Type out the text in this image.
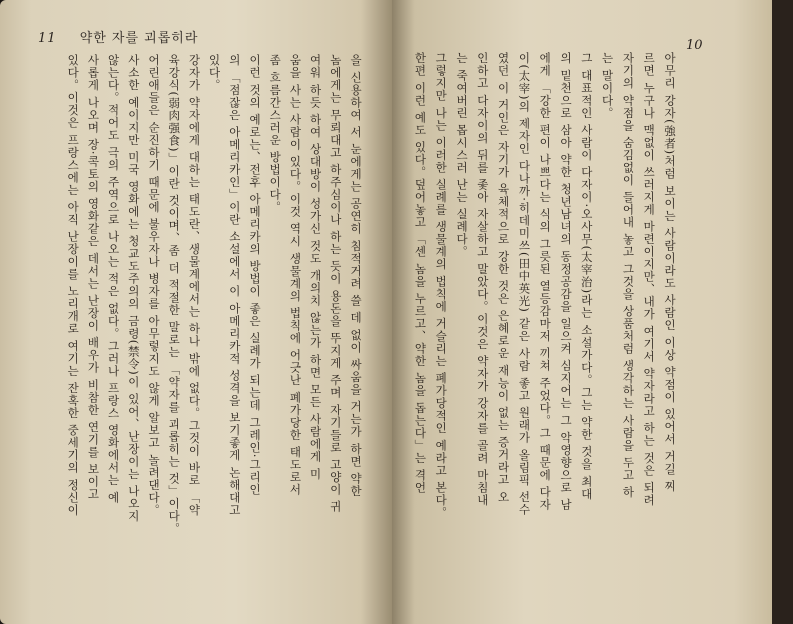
11 약한 자를 괴롭히라
을 신용하여 서 눈에게는 공연히 침적거려 쓸 데 없이 싸움을 거는가 하면 약한
놈에게는 무뢰대고 하주심이나 하는 듯이 용돈을 뚜지게 주며 자기들로 고양이 귀
여워 하듯 하여 상대방이 성가신 것도 개의치 않는가 하면 모든 사람에게 미
움을 사는 사람이 있다。이것 역시 생물계의 법칙에 어긋난 폐가당한 태도로서
좀 흐름간스러운 방법이다。
이런 것의 예로는、전후 아메리카의 방법이 좋은 실례가 되는데 그레인·그리인
의 「점잖은 아메리카인」이란 소설에서 이 아메리카적 성격을 보기좋게 논해대고
있다。
강자가 약자에게 대하는 태도란、생물계에서는 하나 밖에 없다。그것이 바로 「약
육강식(弱肉强食)」이란 것이며、좀 더 적절한 말로는 「약자를 괴롭히는 것」이다。
어린애들은 순진하기 때문에 불우자나 병자를 아무렇지도 않게 알보고 놀려댄다。
사소한 예이지만 미국 영화에는 청교도주의의 금령(禁令)이 있어、난장이는 나오지
않는다。적어도 극의 주역으로 나오는 적은 없다。그러나 프랑스 영화에서는 예
사롭게 나오며 장·콕토의 영화같은 데서는 난장이 배우가 비참한 연기를 보이고
있다。이것은 프랑스에는 아직 난장이를 노리개로 여기는 잔혹한 중세기의 정신이	아무리 강자(強者)처럼 보이는 사람이라도 사람인 이상 약점이 있어서 거길 찌
르면 누구나 맥없이 쓰러지게 마련이지만、내가 여기서 약자라고 하는 것은 되려
자기의 약점을 숨김없이 들어내 놓고 그것을 상품처럼 생각하는 사람을 두고 하
는 말이다。
그 대표적인 사람이 다자이·오사무(太宰治)라는 소설가다。그는 약한 것을 최대
의 밑천으로 삼아 약한 청년남녀의 동정공감을 일으켜 심지어는 그 악영향으로 남
에게 「강한 편이 나쁘다는 식의 그릇된 열등감마저 끼쳐 주었다。그 때문에 다자
이(太宰)의 제자인 다나까·히데미쓰(田中英光) 같은 사람 좋고 원래가 올림픽 선수
였던 이 거인은 자기가 육체적으로 강한 것은 은혜로운 재능이 없는 증거라고 오
인하고 다자이의 뒤를 좇아 자살하고 말았다。이것은 약자가 강자를 골려 마침내
는 죽여버린 몹시스러 난는 실례다。
그렇지만 나는 이러한 실례를 생물계의 법칙에 거슬리는 폐가당적인 예라고 본다。
한편 이런 예도 있다。덮어놓고 「센 놈을 누르고、약한 놈을 돕는다」는 격언
10
